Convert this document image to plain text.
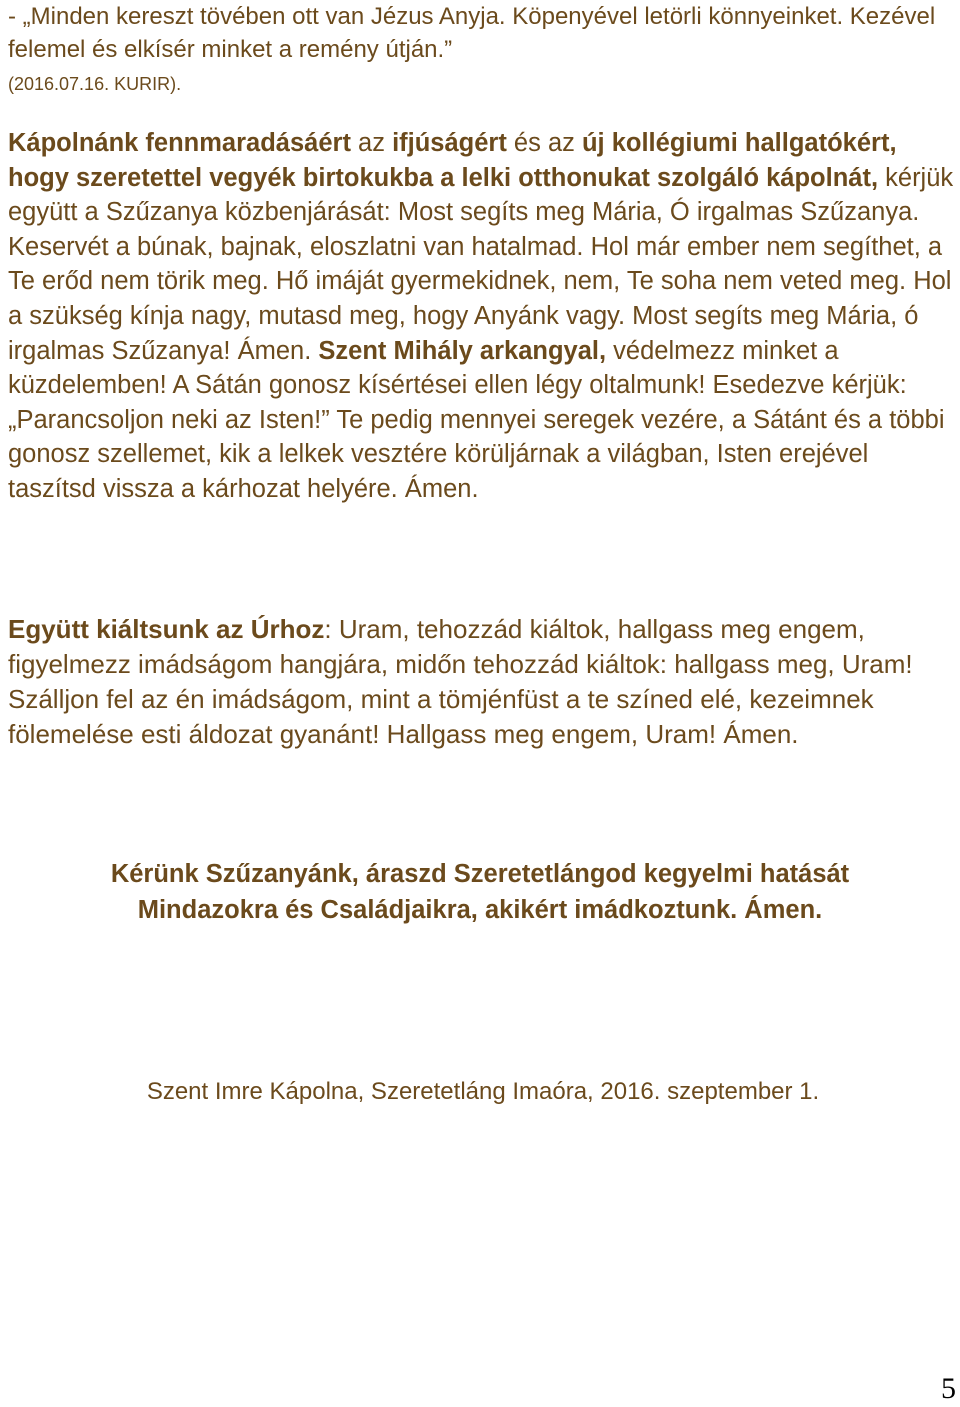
- „Minden kereszt tövében ott van Jézus Anyja. Köpenyével letörli könnyeinket. Kezével felemel és elkísér minket a remény útján.”
(2016.07.16. KURIR).

Kápolnánk fennmaradásáért az ifjúságért és az új kollégiumi hallgatókért, hogy szeretettel vegyék birtokukba a lelki otthonukat szolgáló kápolnát, kérjük együtt a Szűzanya közbenjárását: Most segíts meg Mária, Ó irgalmas Szűzanya. Keservét a búnak, bajnak, eloszlatni van hatalmad. Hol már ember nem segíthet, a Te erőd nem törik meg. Hő imáját gyermekidnek, nem, Te soha nem veted meg. Hol a szükség kínja nagy, mutasd meg, hogy Anyánk vagy. Most segíts meg Mária, ó irgalmas Szűzanya! Ámen. Szent Mihály arkangyal, védelmezz minket a küzdelemben! A Sátán gonosz kísértései ellen légy oltalmunk! Esedezve kérjük: „Parancsoljon neki az Isten!” Te pedig mennyei seregek vezére, a Sátánt és a többi gonosz szellemet, kik a lelkek vesztére körüljárnak a világban, Isten erejével taszítsd vissza a kárhozat helyére. Ámen.

Együtt kiáltsunk az Úrhoz: Uram, tehozzád kiáltok, hallgass meg engem, figyelmezz imádságom hangjára, midőn tehozzád kiáltok: hallgass meg, Uram! Szálljon fel az én imádságom, mint a tömjénfüst a te színed elé, kezeimnek fölemelése esti áldozat gyanánt! Hallgass meg engem, Uram! Ámen.

Kérünk Szűzanyánk, áraszd Szeretetlángod kegyelmi hatását
Mindazokra és Családjaikra, akikért imádkoztunk. Ámen.

Szent Imre Kápolna, Szeretetláng Imaóra, 2016. szeptember 1.

5
